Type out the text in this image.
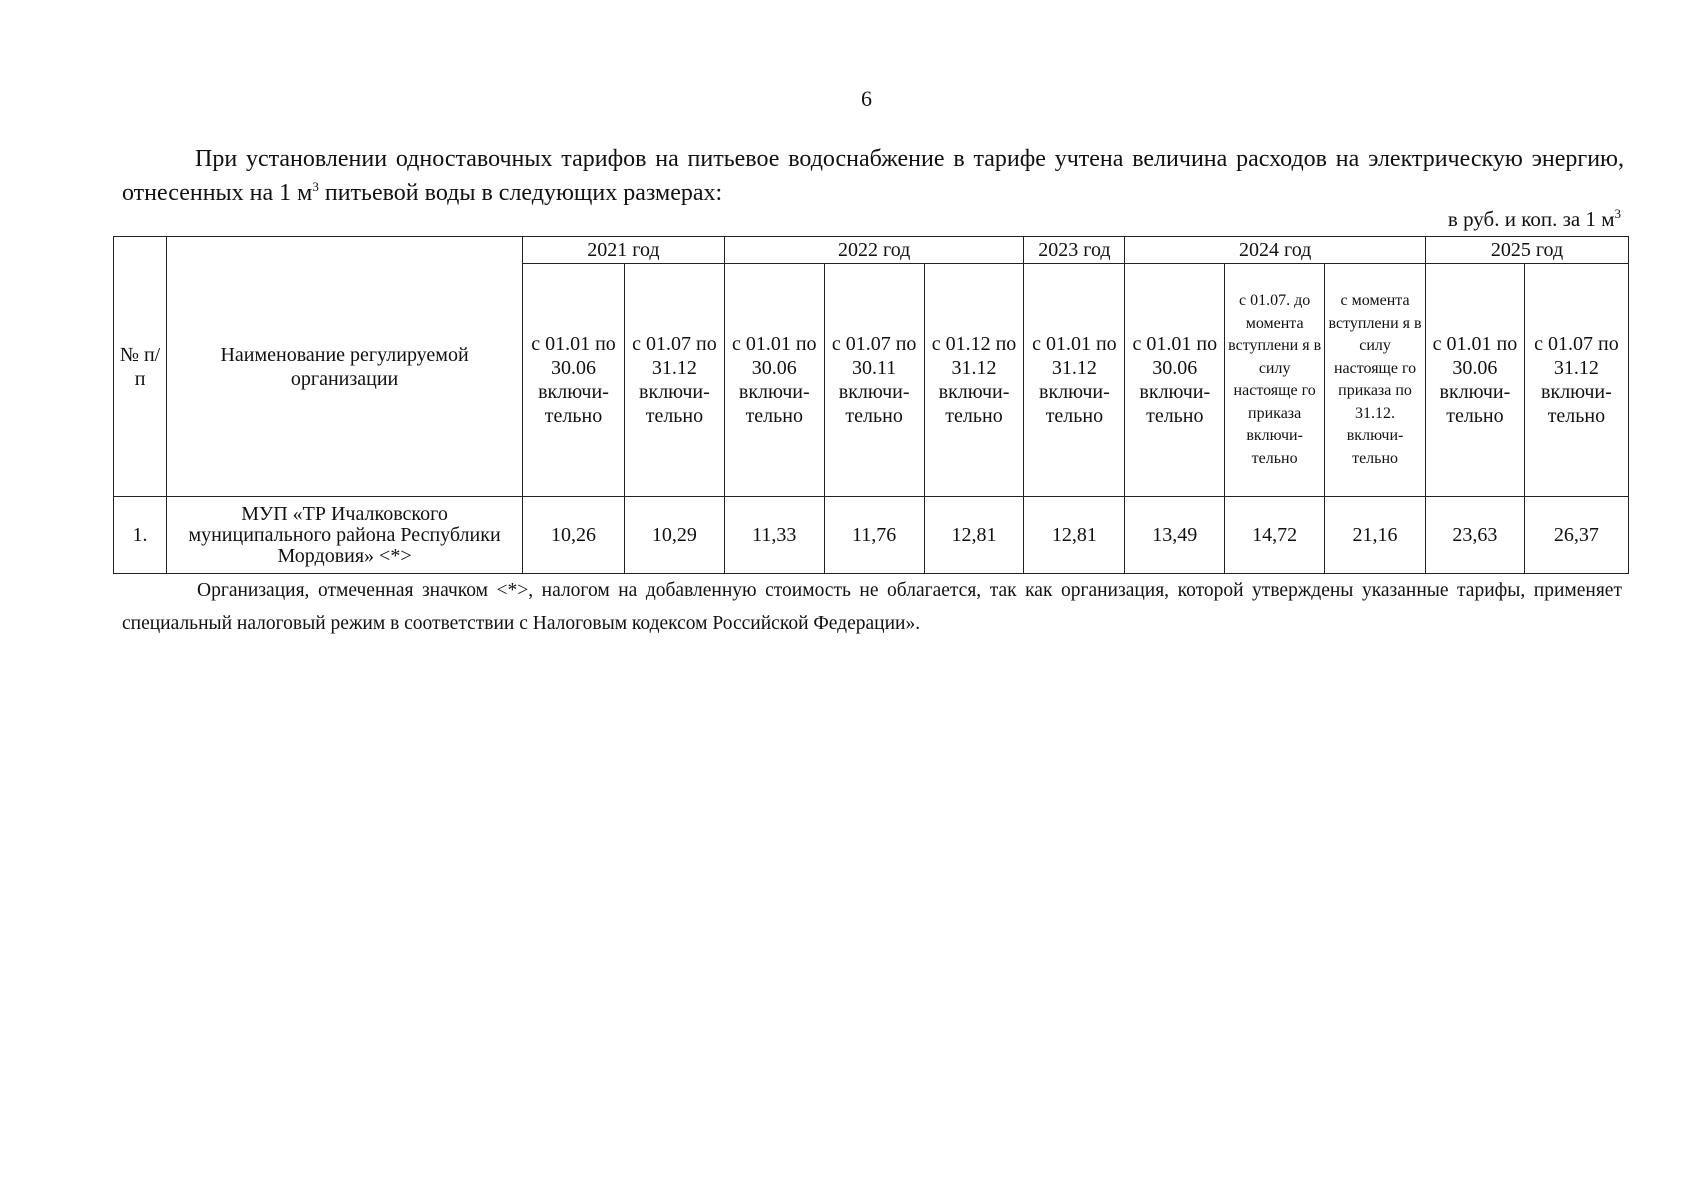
6

При установлении одноставочных тарифов на питьевое водоснабжение в тарифе учтена величина расходов на электрическую энергию, отнесенных на 1 $м^3$ питьевой воды в следующих размерах:

в руб. и коп. за 1 $м^3$
№ п/п	Наименование регулируемой организации	2021 год		2022 год			2023 год	2024 год			2025 год	
		с 01.01 по 30.06 включи-тельно	с 01.07 по 31.12 включи-тельно	с 01.01 по 30.06 включи-тельно	с 01.07 по 30.11 включи-тельно	с 01.12 по 31.12 включи-тельно	с 01.01 по 31.12 включи-тельно	с 01.01 по 30.06 включи-тельно	с 01.07. до момента вступлени я в силу настояще го приказа включи-тельно	с момента вступлени я в силу настояще го приказа по 31.12. включи-тельно	с 01.01 по 30.06 включи-тельно	с 01.07 по 31.12 включи-тельно
1.	МУП «ТР Ичалковского муниципального района Республики Мордовия» <*>	10,26	10,29	11,33	11,76	12,81	12,81	13,49	14,72	21,16	23,63	26,37

Организация, отмеченная значком <*>, налогом на добавленную стоимость не облагается, так как организация, которой утверждены указанные тарифы, применяет специальный налоговый режим в соответствии с Налоговым кодексом Российской Федерации».
